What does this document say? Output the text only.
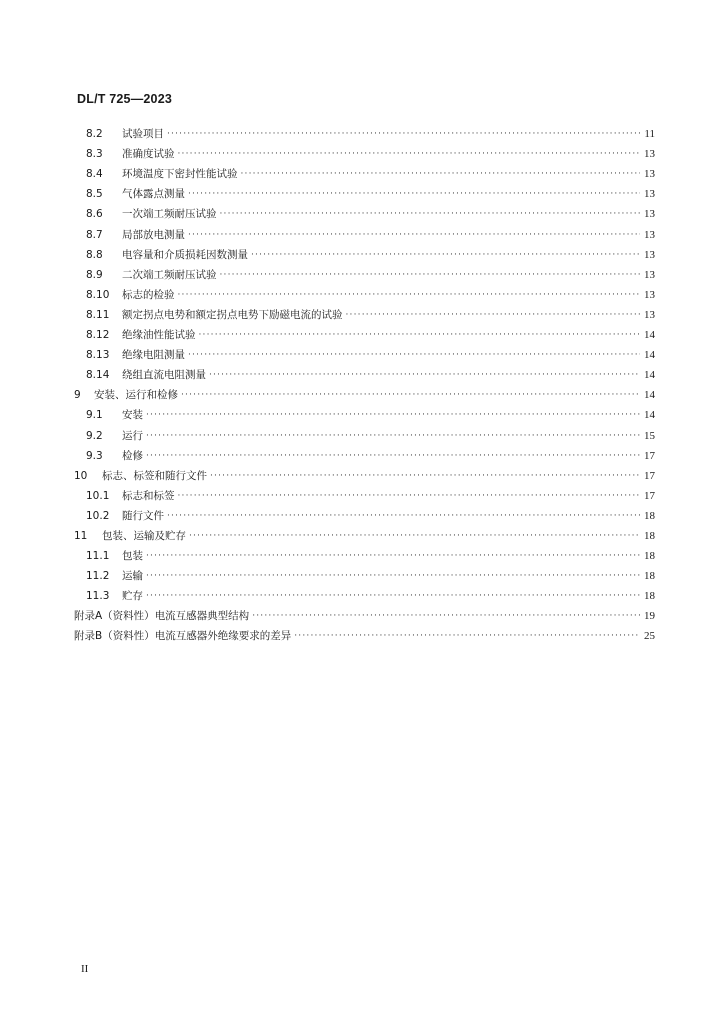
DL/T 725—2023
8.2	试验项目 ·····	11
8.3	准确度试验 ·····	13
8.4	环境温度下密封性能试验 ·····	13
8.5	气体露点测量 ·····	13
8.6	一次端工频耐压试验 ·····	13
8.7	局部放电测量 ·····	13
8.8	电容量和介质损耗因数测量 ·····	13
8.9	二次端工频耐压试验 ·····	13
8.10 标志的检验 ·····	13
8.11 额定拐点电势和额定拐点电势下励磁电流的试验 ·····	13
8.12 绝缘油性能试验 ·····	14
8.13 绝缘电阻测量 ·····	14
8.14 绕组直流电阻测量 ·····	14
9	安装、运行和检修 ·····	14
9.1	安装 ·····	14
9.2	运行 ·····	15
9.3	检修 ·····	17
10	标志、标签和随行文件 ·····	17
10.1 标志和标签 ·····	17
10.2 随行文件 ·····	18
11	包装、运输及贮存 ·····	18
11.1 包装 ·····	18
11.2 运输 ·····	18
11.3 贮存 ·····	18
附录A（资料性） 电流互感器典型结构 ·····	19
附录B（资料性） 电流互感器外绝缘要求的差异 ·····	25
II
